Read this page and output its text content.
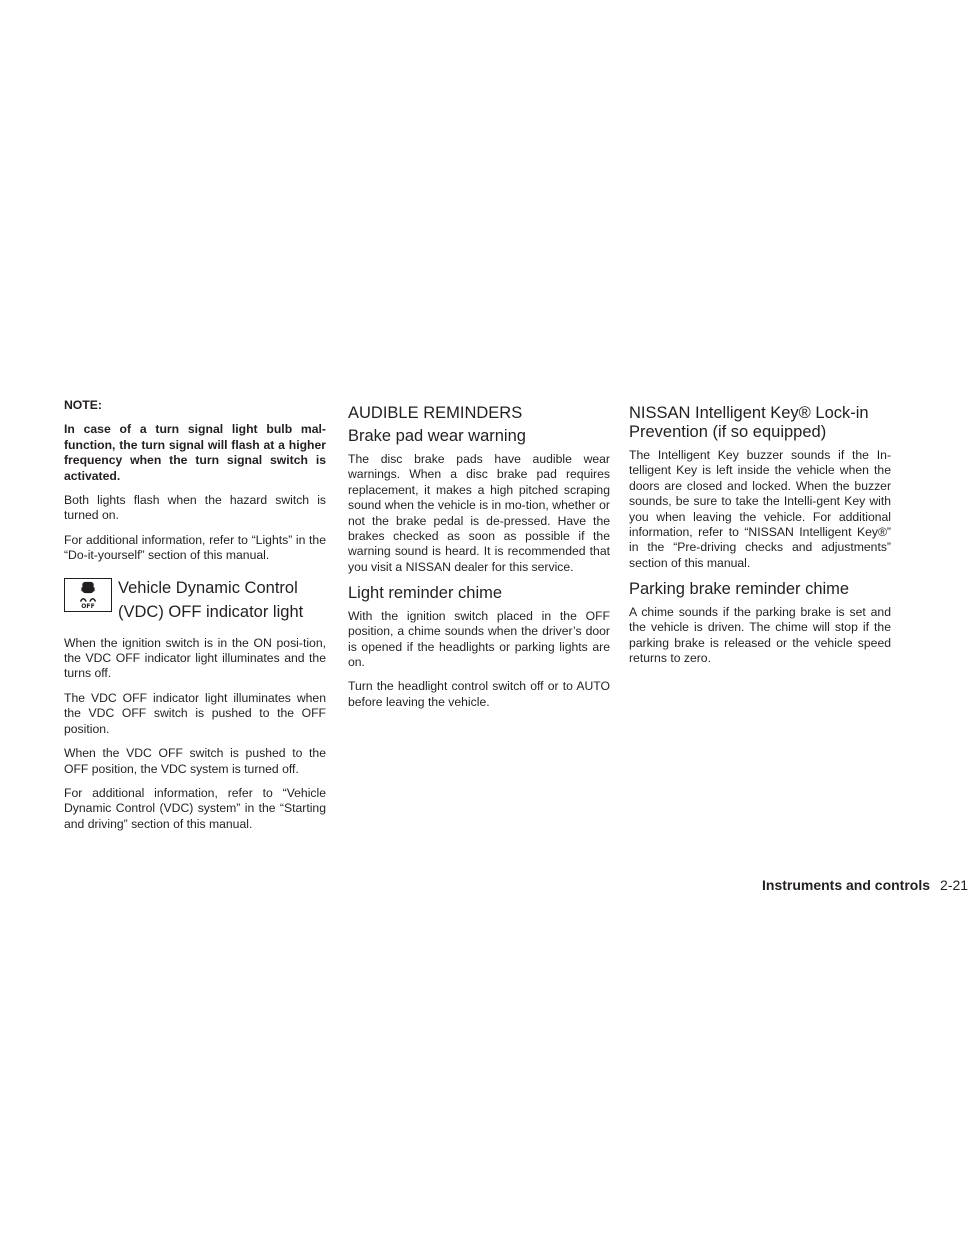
NOTE:

In case of a turn signal light bulb mal-function, the turn signal will flash at a higher frequency when the turn signal switch is activated.

Both lights flash when the hazard switch is turned on.

For additional information, refer to “Lights” in the “Do-it-yourself” section of this manual.

OFF
Vehicle Dynamic Control
(VDC) OFF indicator light

When the ignition switch is in the ON posi-tion, the VDC OFF indicator light illuminates and the turns off.

The VDC OFF indicator light illuminates when the VDC OFF switch is pushed to the OFF position.

When the VDC OFF switch is pushed to the OFF position, the VDC system is turned off.

For additional information, refer to “Vehicle Dynamic Control (VDC) system” in the “Starting and driving” section of this manual.

AUDIBLE REMINDERS
Brake pad wear warning

The disc brake pads have audible wear warnings. When a disc brake pad requires replacement, it makes a high pitched scraping sound when the vehicle is in mo-tion, whether or not the brake pedal is de-pressed. Have the brakes checked as soon as possible if the warning sound is heard. It is recommended that you visit a NISSAN dealer for this service.

Light reminder chime

With the ignition switch placed in the OFF position, a chime sounds when the driver’s door is opened if the headlights or parking lights are on.

Turn the headlight control switch off or to AUTO before leaving the vehicle.

NISSAN Intelligent Key® Lock-in
Prevention (if so equipped)

The Intelligent Key buzzer sounds if the In-telligent Key is left inside the vehicle when the doors are closed and locked. When the buzzer sounds, be sure to take the Intelli-gent Key with you when leaving the vehicle. For additional information, refer to “NISSAN Intelligent Key®” in the “Pre-driving checks and adjustments” section of this manual.

Parking brake reminder chime

A chime sounds if the parking brake is set and the vehicle is driven. The chime will stop if the parking brake is released or the vehicle speed returns to zero.

Instruments and controls 2-21
